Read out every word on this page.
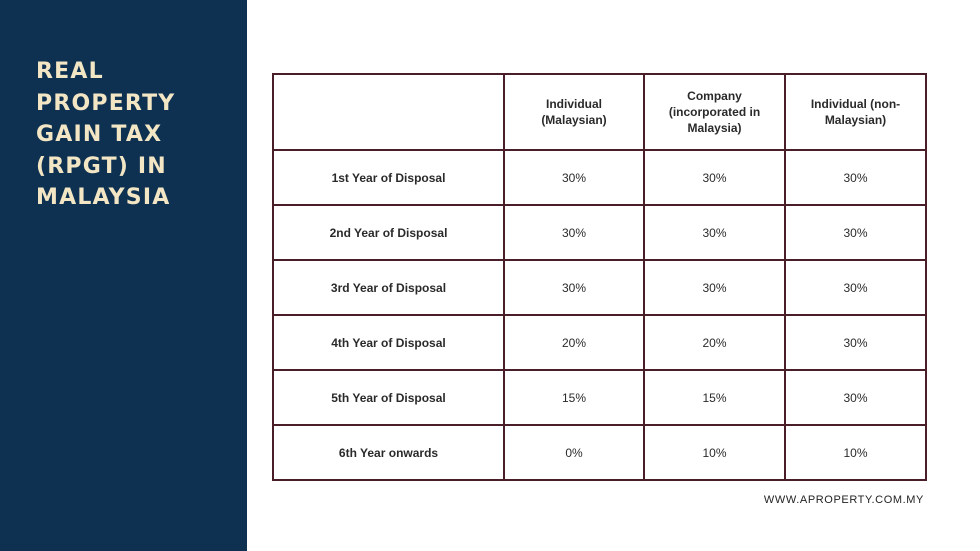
REAL
PROPERTY
GAIN TAX
(RPGT) IN
MALAYSIA
	Individual (Malaysian)	Company (incorporated in Malaysia)	Individual (non-Malaysian)
1st Year of Disposal	30%	30%	30%
2nd Year of Disposal	30%	30%	30%
3rd Year of Disposal	30%	30%	30%
4th Year of Disposal	20%	20%	30%
5th Year of Disposal	15%	15%	30%
6th Year onwards	0%	10%	10%
WWW.APROPERTY.COM.MY
